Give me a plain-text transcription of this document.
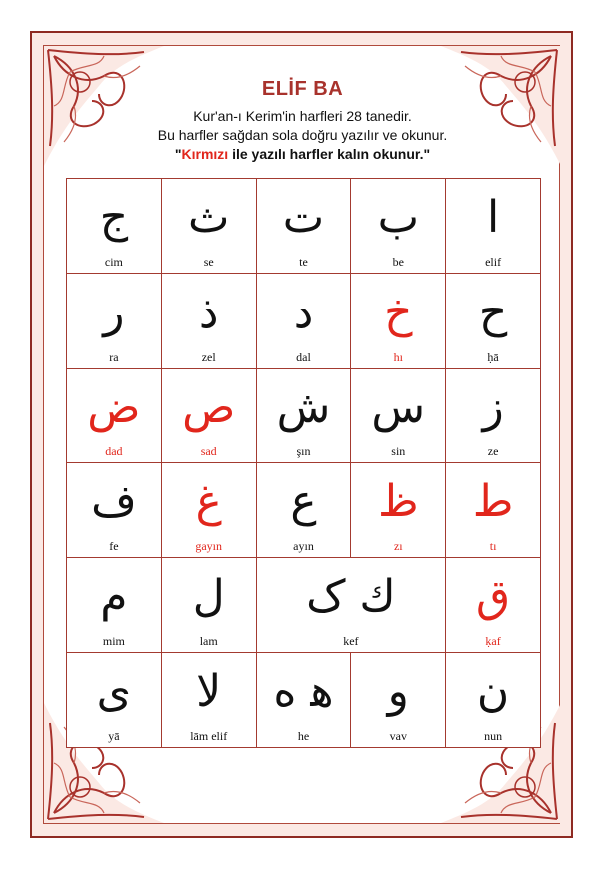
ELİF BA
Kur'an-ı Kerim'in harfleri 28 tanedir.
Bu harfler sağdan sola doğru yazılır ve okunur.
"Kırmızı ile yazılı harfler kalın okunur."
ج
cim
ث
se
ت
te
ب
be
ا
elif
ر
ra
ذ
zel
د
dal
خ
hı
ح
ḥā
ض
dad
ص
sad
ش
şın
س
sin
ز
ze
ف
fe
غ
gayın
ع
ayın
ظ
zı
ط
tı
م
mim
ل
lam
ك ک
kef
ق
ḳaf
ى
yā
لا
lām elif
ﻫ ه
he
و
vav
ن
nun
